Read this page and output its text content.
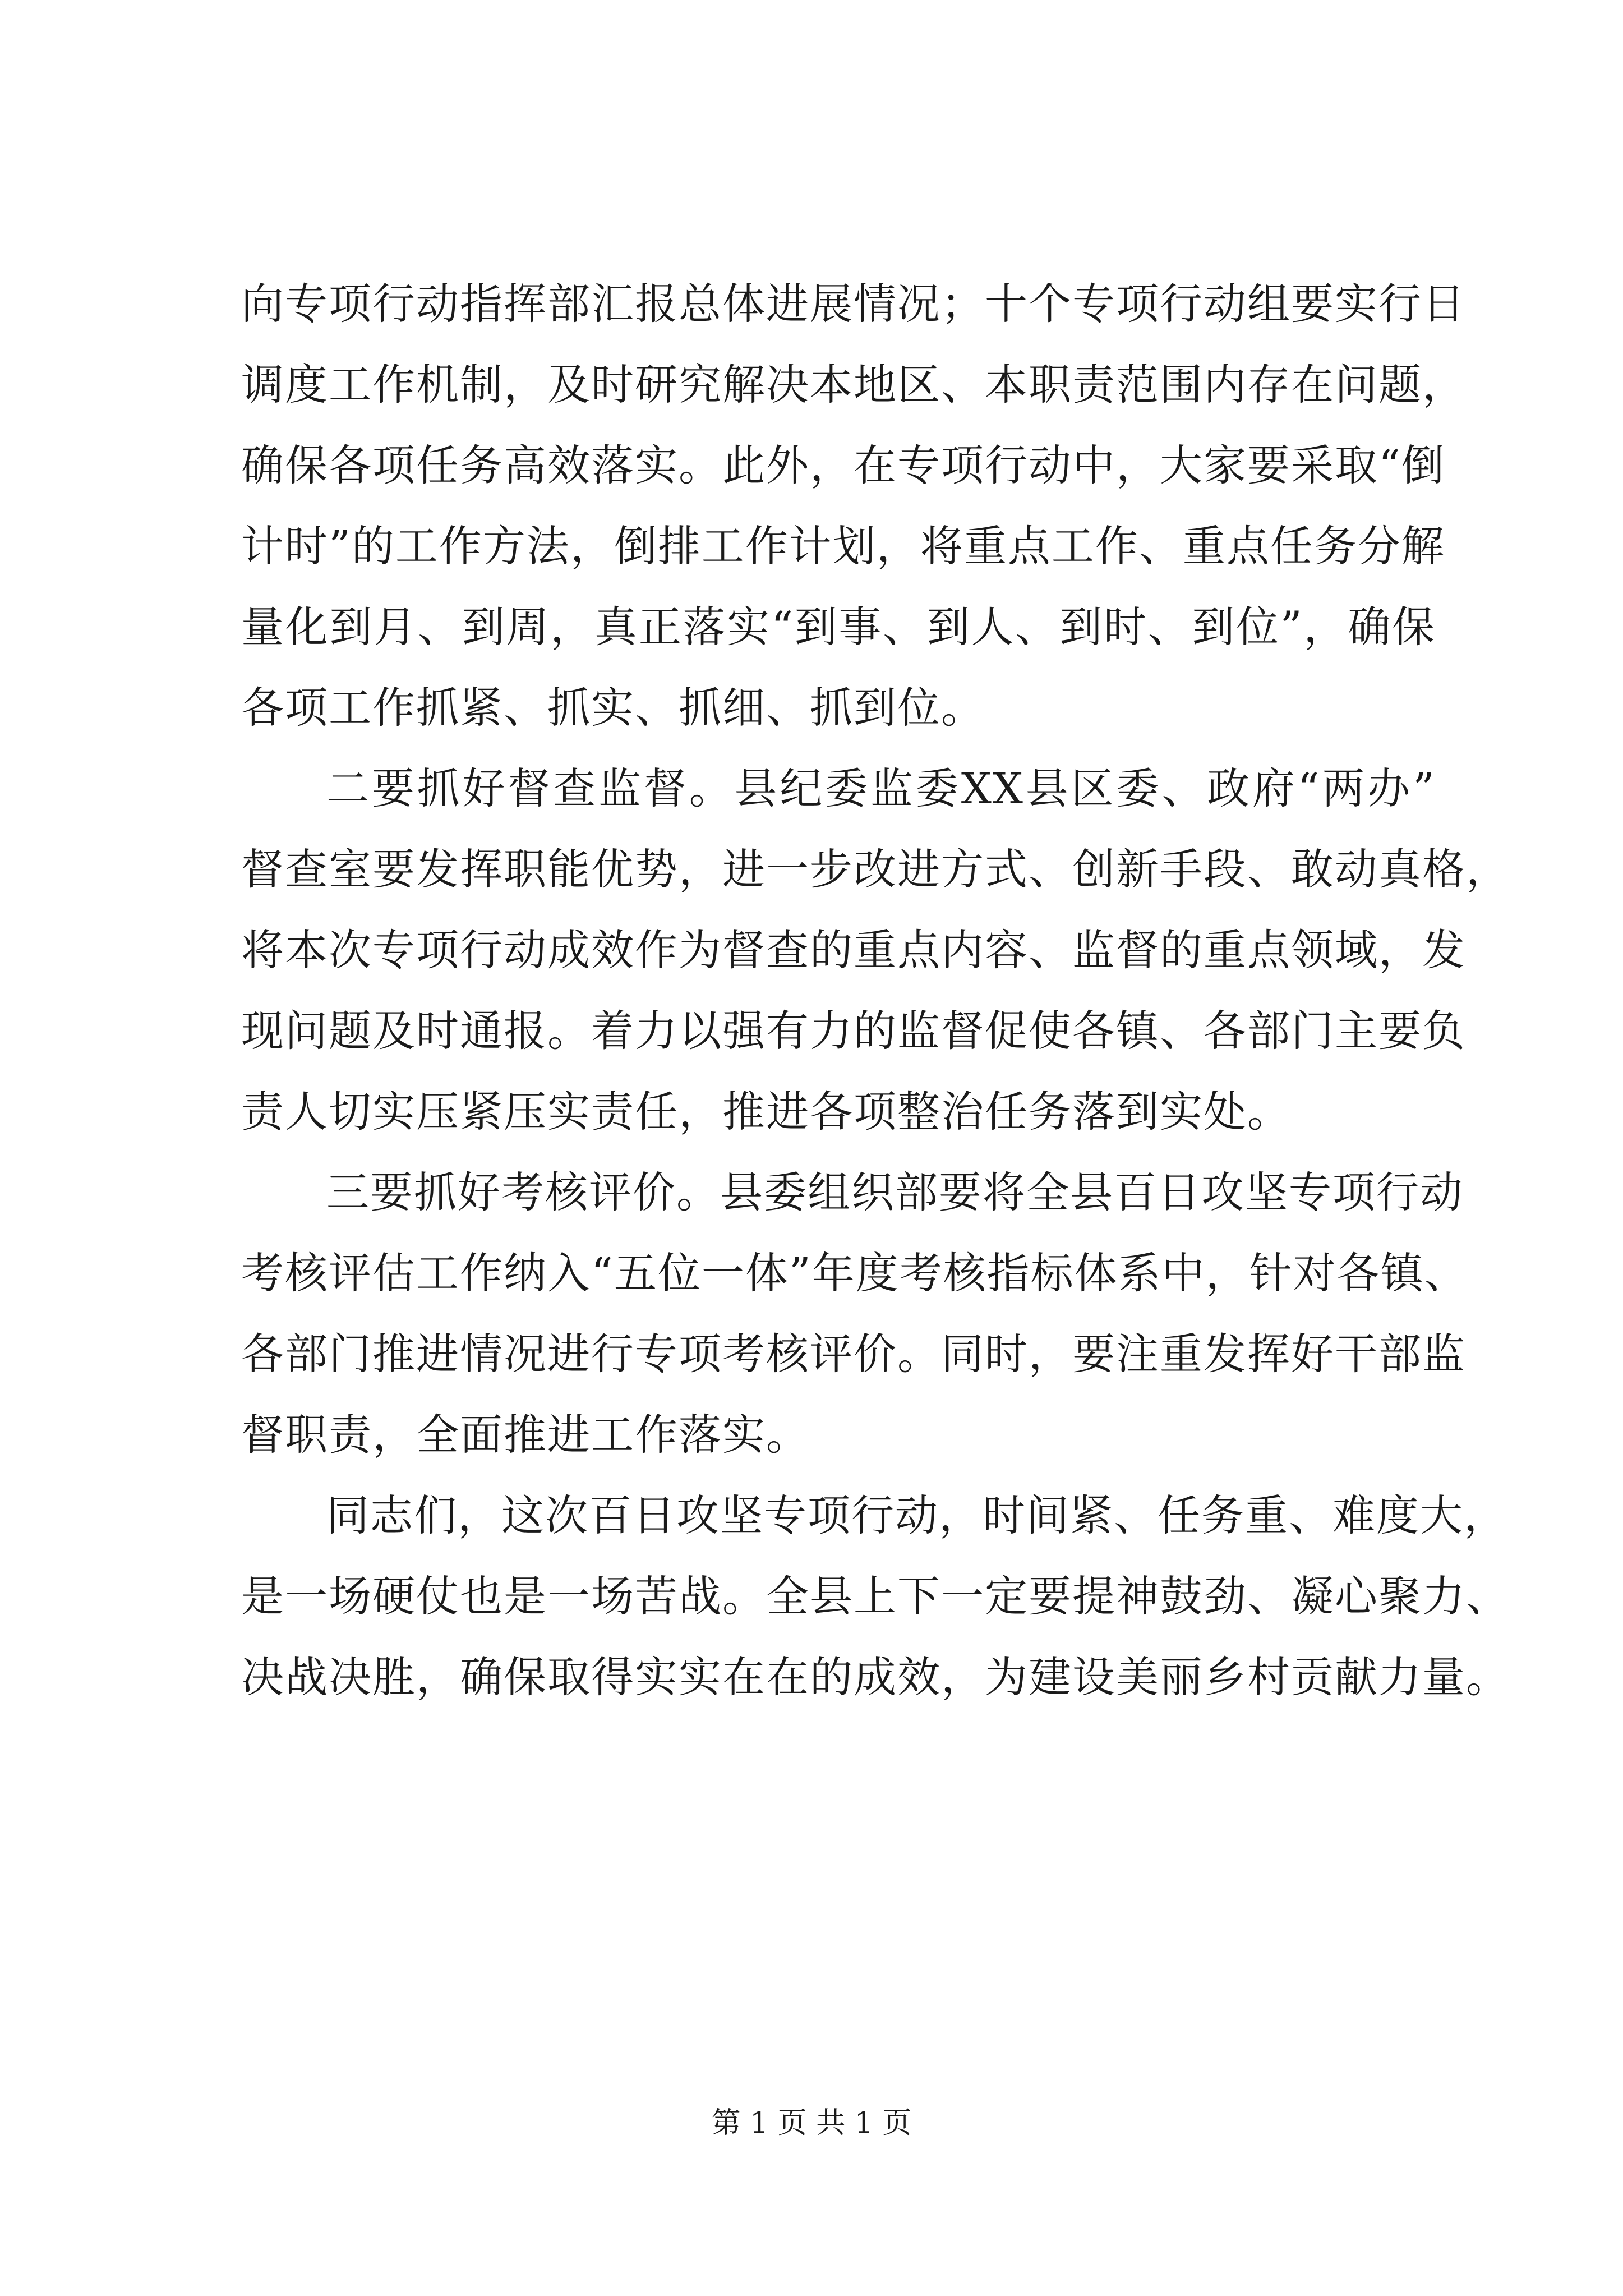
向专项行动指挥部汇报总体进展情况；十个专项行动组要实行日
调度工作机制，及时研究解决本地区、本职责范围内存在问题，
确保各项任务高效落实。此外，在专项行动中，大家要采取“倒
计时”的工作方法，倒排工作计划，将重点工作、重点任务分解
量化到月、到周，真正落实“到事、到人、到时、到位”，确保
各项工作抓紧、抓实、抓细、抓到位。
二要抓好督查监督。县纪委监委XX县区委、政府“两办”
督查室要发挥职能优势，进一步改进方式、创新手段、敢动真格，
将本次专项行动成效作为督查的重点内容、监督的重点领域，发
现问题及时通报。着力以强有力的监督促使各镇、各部门主要负
责人切实压紧压实责任，推进各项整治任务落到实处。
三要抓好考核评价。县委组织部要将全县百日攻坚专项行动
考核评估工作纳入“五位一体”年度考核指标体系中，针对各镇、
各部门推进情况进行专项考核评价。同时，要注重发挥好干部监
督职责，全面推进工作落实。
同志们，这次百日攻坚专项行动，时间紧、任务重、难度大，
是一场硬仗也是一场苦战。全县上下一定要提神鼓劲、凝心聚力、
决战决胜，确保取得实实在在的成效，为建设美丽乡村贡献力量。
第 1 页 共 1 页
